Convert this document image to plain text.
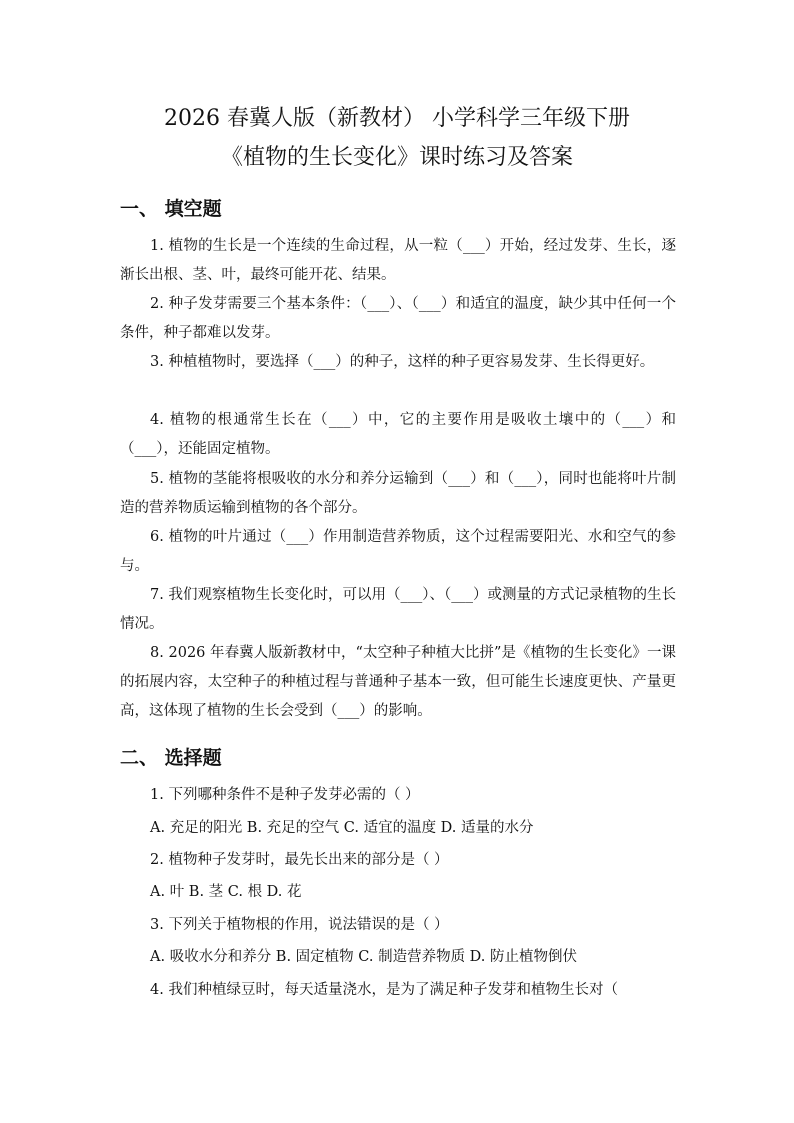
2026 春冀人版（新教材） 小学科学三年级下册
《植物的生长变化》课时练习及答案
一、 填空题

1. 植物的生长是一个连续的生命过程，从一粒（___）开始，经过发芽、生长，逐渐长出根、茎、叶，最终可能开花、结果。

2. 种子发芽需要三个基本条件：（___）、（___）和适宜的温度，缺少其中任何一个条件，种子都难以发芽。

3. 种植植物时，要选择（___）的种子，这样的种子更容易发芽、生长得更好。

4. 植物的根通常生长在（___）中，它的主要作用是吸收土壤中的（___）和（___），还能固定植物。

5. 植物的茎能将根吸收的水分和养分运输到（___）和（___），同时也能将叶片制造的营养物质运输到植物的各个部分。

6. 植物的叶片通过（___）作用制造营养物质，这个过程需要阳光、水和空气的参与。

7. 我们观察植物生长变化时，可以用（___）、（___）或测量的方式记录植物的生长情况。

8. 2026 年春冀人版新教材中，“太空种子种植大比拼”是《植物的生长变化》一课的拓展内容，太空种子的种植过程与普通种子基本一致，但可能生长速度更快、产量更高，这体现了植物的生长会受到（___）的影响。

二、 选择题

1. 下列哪种条件不是种子发芽必需的（ ）

A. 充足的阳光 B. 充足的空气 C. 适宜的温度 D. 适量的水分

2. 植物种子发芽时，最先长出来的部分是（ ）

A. 叶 B. 茎 C. 根 D. 花

3. 下列关于植物根的作用，说法错误的是（ ）

A. 吸收水分和养分 B. 固定植物 C. 制造营养物质 D. 防止植物倒伏

4. 我们种植绿豆时，每天适量浇水，是为了满足种子发芽和植物生长对（
